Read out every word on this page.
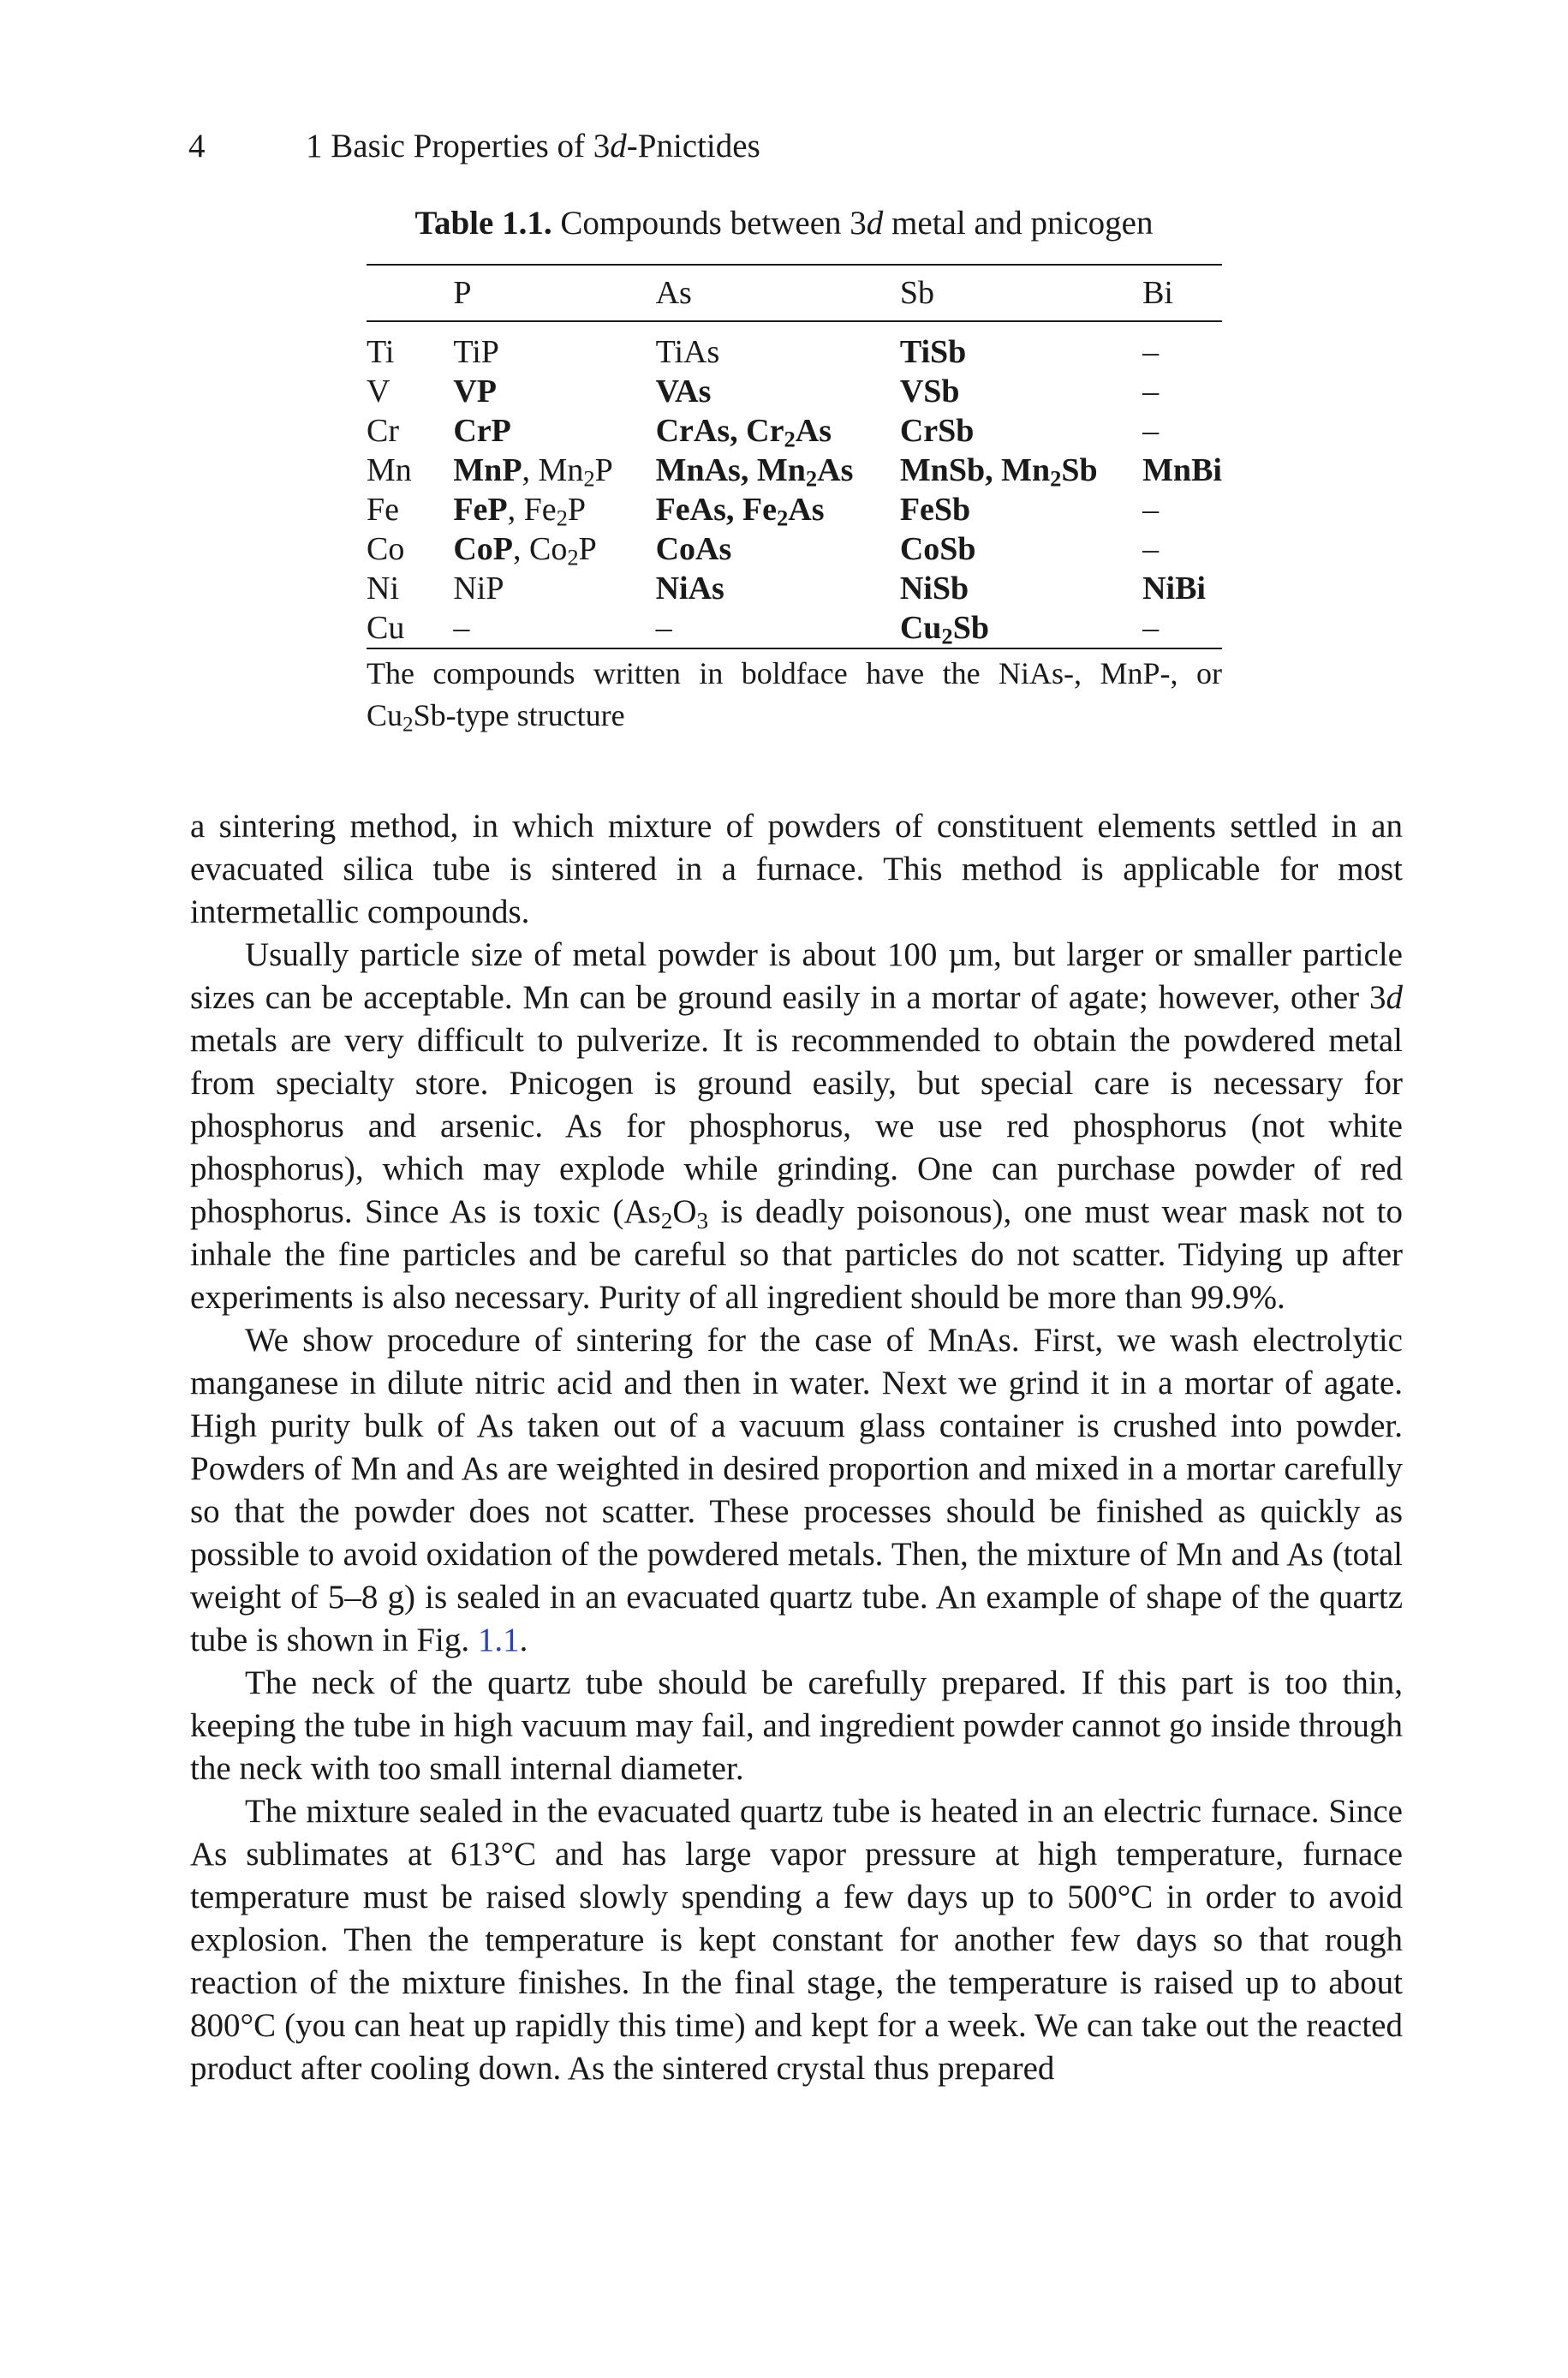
4	1 Basic Properties of 3d-Pnictides
Table 1.1. Compounds between 3d metal and pnicogen
	P	As	Sb	Bi
Ti	TiP	TiAs	TiSb	–
V	VP	VAs	VSb	–
Cr	CrP	CrAs, $Cr_2As$	CrSb	–
Mn	MnP, $Mn_2P$	MnAs, $Mn_2As$	MnSb, $Mn_2Sb$	MnBi
Fe	FeP, $Fe_2P$	FeAs, $Fe_2As$	FeSb	–
Co	CoP, $Co_2P$	CoAs	CoSb	–
Ni	NiP	NiAs	NiSb	NiBi
Cu	–	–	$Cu_2Sb$	–
The compounds written in boldface have the NiAs-, MnP-, or $Cu_2Sb$-type structure

a sintering method, in which mixture of powders of constituent elements settled in an evacuated silica tube is sintered in a furnace. This method is applicable for most intermetallic compounds.

Usually particle size of metal powder is about 100 µm, but larger or smaller particle sizes can be acceptable. Mn can be ground easily in a mortar of agate; however, other 3d metals are very difficult to pulverize. It is recommended to obtain the powdered metal from specialty store. Pnicogen is ground easily, but special care is necessary for phosphorus and arsenic. As for phosphorus, we use red phosphorus (not white phosphorus), which may explode while grinding. One can purchase powder of red phosphorus. Since As is toxic ($As_2O_3$ is deadly poisonous), one must wear mask not to inhale the fine particles and be careful so that particles do not scatter. Tidying up after experiments is also necessary. Purity of all ingredient should be more than 99.9%.

We show procedure of sintering for the case of MnAs. First, we wash electrolytic manganese in dilute nitric acid and then in water. Next we grind it in a mortar of agate. High purity bulk of As taken out of a vacuum glass container is crushed into powder. Powders of Mn and As are weighted in desired proportion and mixed in a mortar carefully so that the powder does not scatter. These processes should be finished as quickly as possible to avoid oxidation of the powdered metals. Then, the mixture of Mn and As (total weight of 5–8 g) is sealed in an evacuated quartz tube. An example of shape of the quartz tube is shown in Fig. 1.1.

The neck of the quartz tube should be carefully prepared. If this part is too thin, keeping the tube in high vacuum may fail, and ingredient powder cannot go inside through the neck with too small internal diameter.

The mixture sealed in the evacuated quartz tube is heated in an electric furnace. Since As sublimates at 613°C and has large vapor pressure at high temperature, furnace temperature must be raised slowly spending a few days up to 500°C in order to avoid explosion. Then the temperature is kept constant for another few days so that rough reaction of the mixture finishes. In the final stage, the temperature is raised up to about 800°C (you can heat up rapidly this time) and kept for a week. We can take out the reacted product after cooling down. As the sintered crystal thus prepared
